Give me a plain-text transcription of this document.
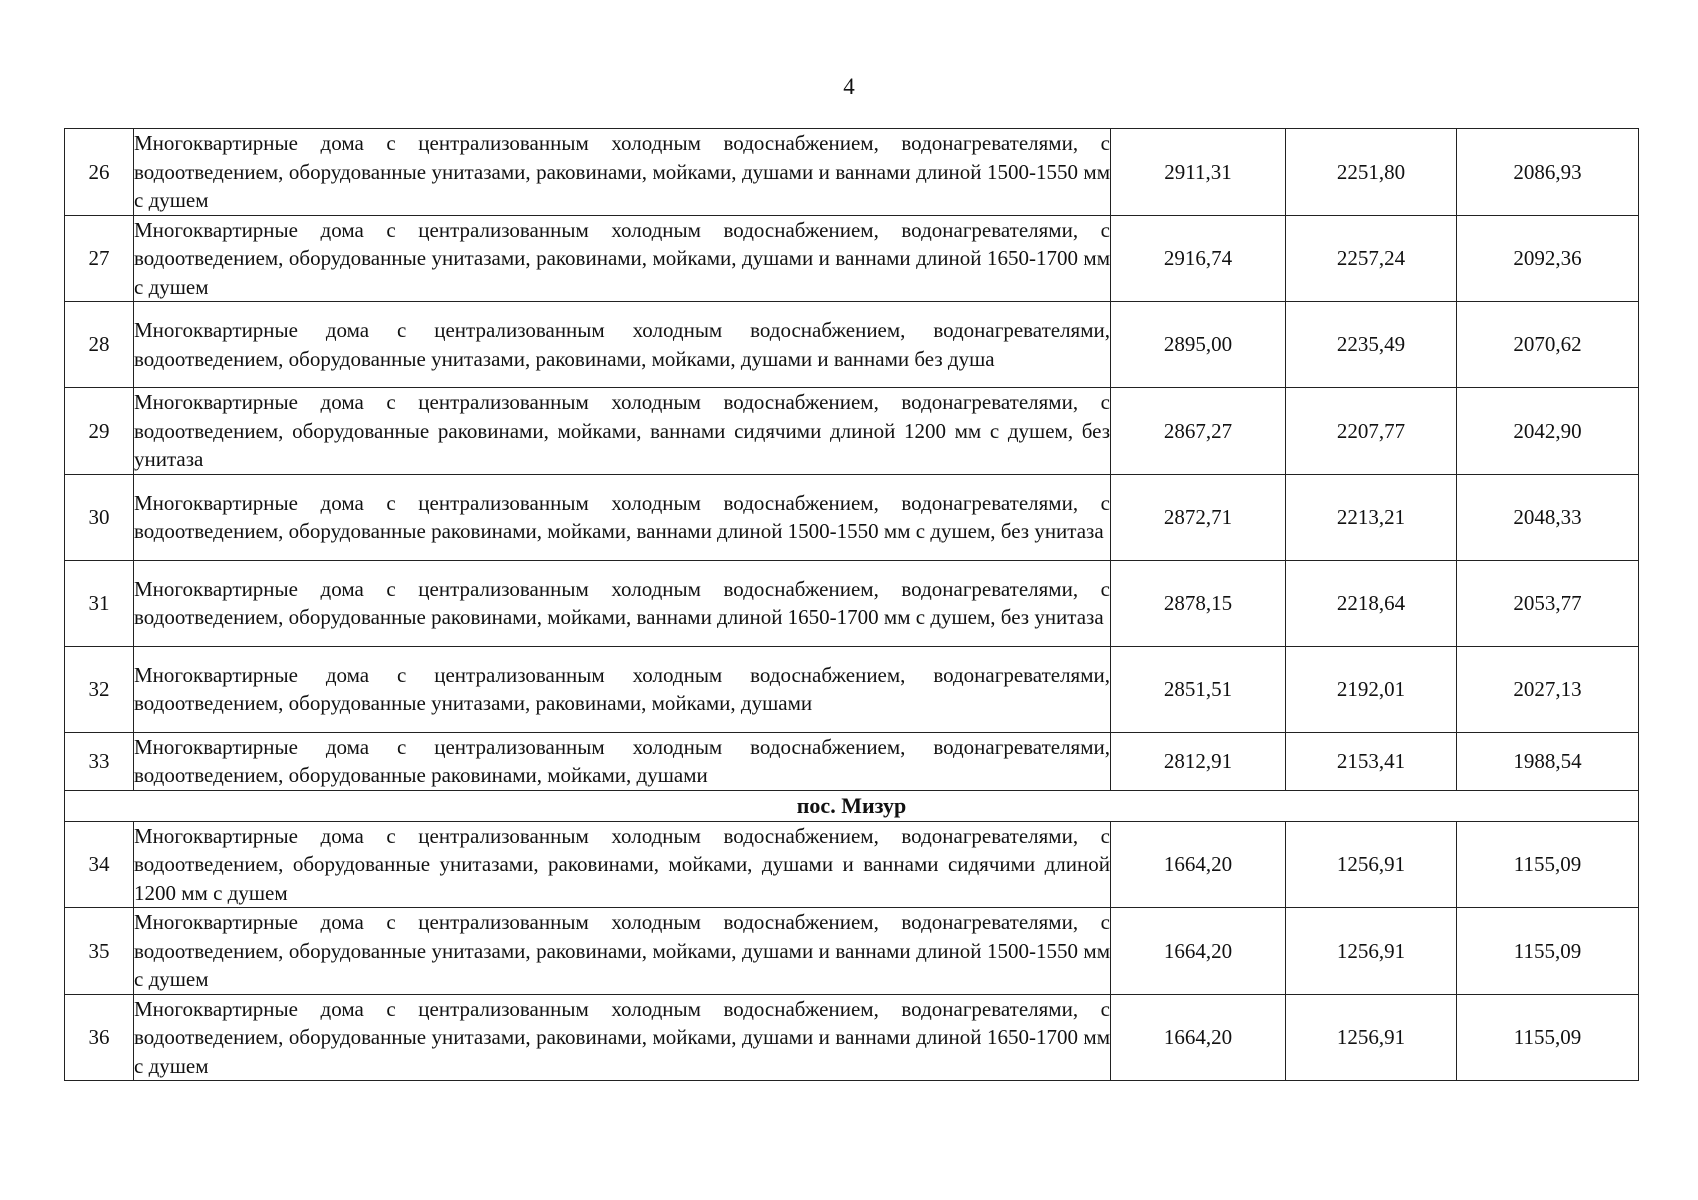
4
26	Многоквартирные дома с централизованным холодным водоснабжением, водонагревателями, с водоотведением, оборудованные унитазами, раковинами, мойками, душами и ваннами длиной 1500-1550 мм с душем	2911,31	2251,80	2086,93
27	Многоквартирные дома с централизованным холодным водоснабжением, водонагревателями, с водоотведением, оборудованные унитазами, раковинами, мойками, душами и ваннами длиной 1650-1700 мм с душем	2916,74	2257,24	2092,36
28	Многоквартирные дома с централизованным холодным водоснабжением, водонагревателями, водоотведением, оборудованные унитазами, раковинами, мойками, душами и ваннами без душа	2895,00	2235,49	2070,62
29	Многоквартирные дома с централизованным холодным водоснабжением, водонагревателями, с водоотведением, оборудованные раковинами, мойками, ваннами сидячими длиной 1200 мм с душем, без унитаза	2867,27	2207,77	2042,90
30	Многоквартирные дома с централизованным холодным водоснабжением, водонагревателями, с водоотведением, оборудованные раковинами, мойками, ваннами длиной 1500-1550 мм с душем, без унитаза	2872,71	2213,21	2048,33
31	Многоквартирные дома с централизованным холодным водоснабжением, водонагревателями, с водоотведением, оборудованные раковинами, мойками, ваннами длиной 1650-1700 мм с душем, без унитаза	2878,15	2218,64	2053,77
32	Многоквартирные дома с централизованным холодным водоснабжением, водонагревателями, водоотведением, оборудованные унитазами, раковинами, мойками, душами	2851,51	2192,01	2027,13
33	Многоквартирные дома с централизованным холодным водоснабжением, водонагревателями, водоотведением, оборудованные раковинами, мойками, душами	2812,91	2153,41	1988,54
пос. Мизур				
34	Многоквартирные дома с централизованным холодным водоснабжением, водонагревателями, с водоотведением, оборудованные унитазами, раковинами, мойками, душами и ваннами сидячими длиной 1200 мм с душем	1664,20	1256,91	1155,09
35	Многоквартирные дома с централизованным холодным водоснабжением, водонагревателями, с водоотведением, оборудованные унитазами, раковинами, мойками, душами и ваннами длиной 1500-1550 мм с душем	1664,20	1256,91	1155,09
36	Многоквартирные дома с централизованным холодным водоснабжением, водонагревателями, с водоотведением, оборудованные унитазами, раковинами, мойками, душами и ваннами длиной 1650-1700 мм с душем	1664,20	1256,91	1155,09
